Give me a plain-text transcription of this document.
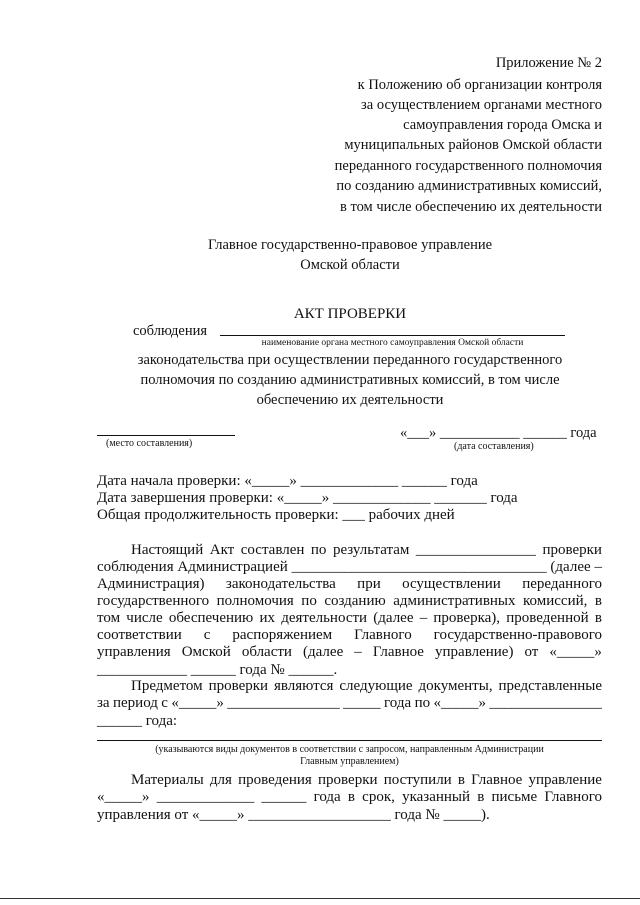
Приложение № 2
к Положению об организации контроля
за осуществлением органами местного
самоуправления города Омска и
муниципальных районов Омской области
переданного государственного полномочия
по созданию административных комиссий,
в том числе обеспечению их деятельности
Главное государственно-правовое управление
Омской области
АКТ ПРОВЕРКИ
соблюдения
наименование органа местного самоуправления Омской области
законодательства при осуществлении переданного государственного
полномочия по созданию административных комиссий, в том числе
обеспечению их деятельности
(место составления)
«___» ___________ ______ года
(дата составления)
Дата начала проверки: «_____» _____________ ______ года
Дата завершения проверки: «_____» _____________ _______ года
Общая продолжительность проверки: ___ рабочих дней
Настоящий Акт составлен по результатам ________________ проверки
соблюдения Администрацией __________________________________ (далее –
Администрация) законодательства при осуществлении переданного
государственного полномочия по созданию административных комиссий, в
том числе обеспечению их деятельности (далее – проверка), проведенной в
соответствии с распоряжением Главного государственно-правового
управления Омской области (далее – Главное управление) от «_____»
____________ ______ года № ______.
Предметом проверки являются следующие документы, представленные
за период с «_____» _______________ _____ года по «_____» _______________
______ года:
(указываются виды документов в соответствии с запросом, направленным Администрации
Главным управлением)
Материалы для проведения проверки поступили в Главное управление
«_____» _____________ ______ года в срок, указанный в письме Главного
управления от «_____» ___________________ года № _____).
